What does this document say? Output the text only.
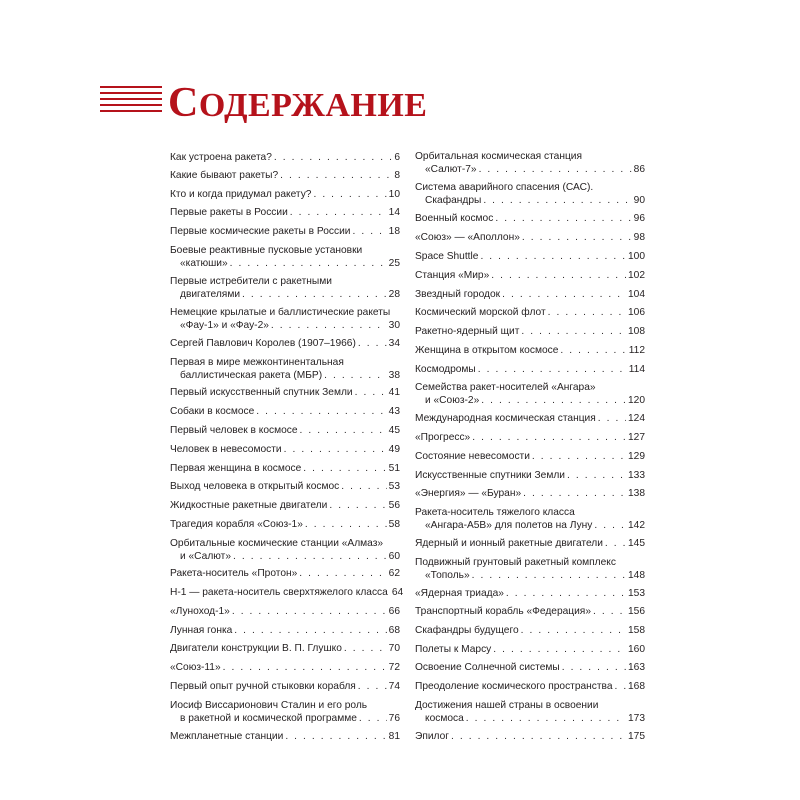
СОДЕРЖАНИЕ
Как устроена ракета? . . .	6
Какие бывают ракеты? . . .	8
Кто и когда придумал ракету? . . .	10
Первые ракеты в России . . .	14
Первые космические ракеты в России . . .	18
Боевые реактивные пусковые установки
«катюши» . . .	25
Первые истребители с ракетными
двигателями . . .	28
Немецкие крылатые и баллистические ракеты
«Фау-1» и «Фау-2» . . .	30
Сергей Павлович Королев (1907–1966) . . .	34
Первая в мире межконтинентальная
баллистическая ракета (МБР) . . .	38
Первый искусственный спутник Земли . . .	41
Собаки в космосе . . .	43
Первый человек в космосе . . .	45
Человек в невесомости . . .	49
Первая женщина в космосе . . .	51
Выход человека в открытый космос . . .	53
Жидкостные ракетные двигатели . . .	56
Трагедия корабля «Союз-1» . . .	58
Орбитальные космические станции «Алмаз»
и «Салют» . . .	60
Ракета-носитель «Протон» . . .	62
Н-1 — ракета-носитель сверхтяжелого класса 64
«Луноход-1» . . .	66
Лунная гонка . . .	68
Двигатели конструкции В. П. Глушко . . .	70
«Союз-11» . . .	72
Первый опыт ручной стыковки корабля . . .	74
Иосиф Виссарионович Сталин и его роль
в ракетной и космической программе . . .	76
Межпланетные станции . . .	81
Орбитальная космическая станция
«Салют-7» . . .	86
Система аварийного спасения (САС).
Скафандры . . .	90
Военный космос . . .	96
«Союз» — «Аполлон» . . .	98
Space Shuttle . . .	100
Станция «Мир» . . .	102
Звездный городок . . .	104
Космический морской флот . . .	106
Ракетно-ядерный щит . . .	108
Женщина в открытом космосе . . .	112
Космодромы . . .	114
Семейства ракет-носителей «Ангара»
и «Союз-2» . . .	120
Международная космическая станция . . .	124
«Прогресс» . . .	127
Состояние невесомости . . .	129
Искусственные спутники Земли . . .	133
«Энергия» — «Буран» . . .	138
Ракета-носитель тяжелого класса
«Ангара-А5В» для полетов на Луну . . .	142
Ядерный и ионный ракетные двигатели . . . 145
Подвижный грунтовый ракетный комплекс
«Тополь» . . .	148
«Ядерная триада» . . .	153
Транспортный корабль «Федерация» . . .	156
Скафандры будущего . . .	158
Полеты к Марсу . . .	160
Освоение Солнечной системы . . .	163
Преодоление космического пространства . . . 168
Достижения нашей страны в освоении
космоса . . .	173
Эпилог . . .	175
